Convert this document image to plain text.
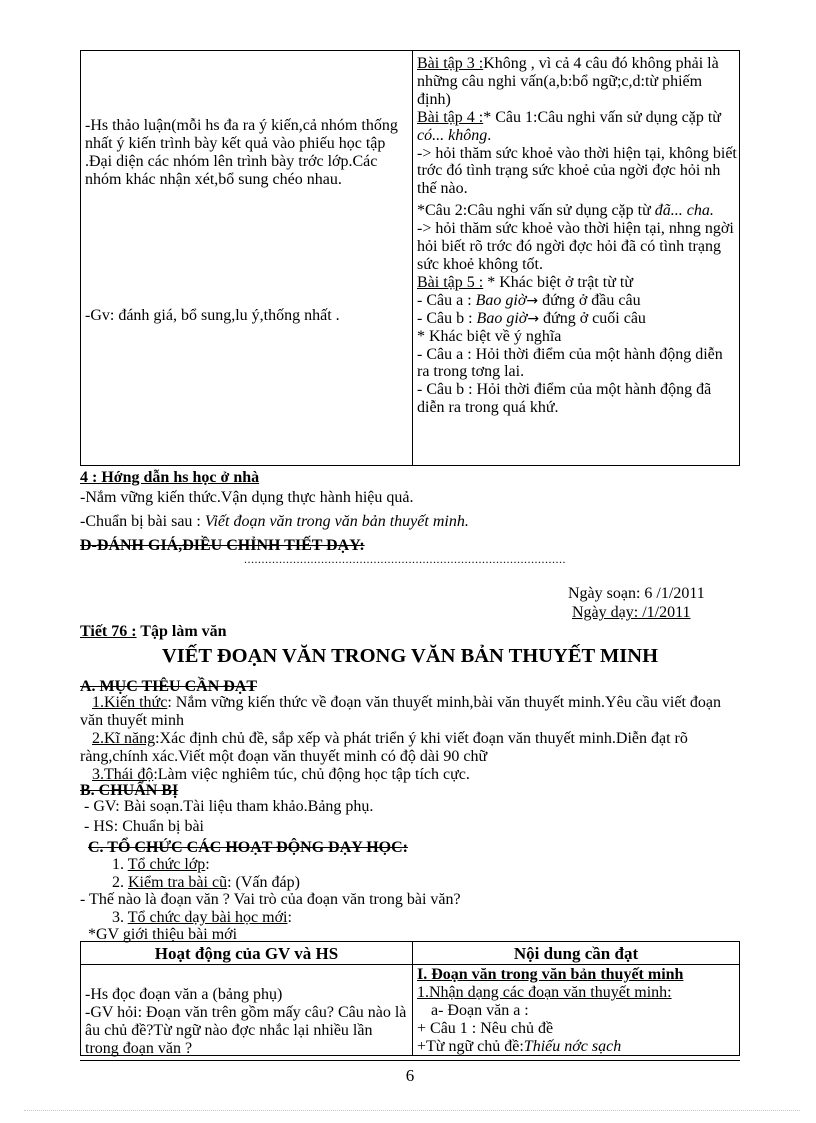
-Hs thảo luận(mỗi hs đa ra ý kiến,cả nhóm thống nhất ý kiến trình bày kết quả vào phiếu học tập .Đại diện các nhóm lên trình bày trớc lớp.Các nhóm khác nhận xét,bổ sung chéo nhau.
-Gv: đánh giá, bổ sung,lu ý,thống nhất .

Bài tập 3 :Không , vì cả 4 câu đó không phải là những câu nghi vấn(a,b:bổ ngữ;c,d:từ phiếm định)

Bài tập 4 :* Câu 1:Câu nghi vấn sử dụng cặp từ có... không.

-> hỏi thăm sức khoẻ vào thời hiện tại, không biết trớc đó tình trạng sức khoẻ của ngời đợc hỏi nh thế nào.

*Câu 2:Câu nghi vấn sử dụng cặp từ đã... cha.

-> hỏi thăm sức khoẻ vào thời hiện tại, nhng ngời hỏi biết rõ trớc đó ngời đợc hỏi đã có tình trạng sức khoẻ không tốt.

Bài tập 5 : * Khác biệt ở trật từ từ

- Câu a : Bao giờ→ đứng ở đầu câu

- Câu b : Bao giờ→ đứng ở cuối câu

* Khác biệt về ý nghĩa

- Câu a : Hỏi thời điểm của một hành động diễn ra trong tơng lai.

- Câu b : Hỏi thời điểm của một hành động đã diễn ra trong quá khứ.

4 : Hớng dẫn hs học ở nhà
-Nắm vững kiến thức.Vận dụng thực hành hiệu quả.
-Chuẩn bị bài sau : Viết đoạn văn trong văn bản thuyết minh.
D-ĐÁNH GIÁ,ĐIỀU CHỈNH TIẾT DẠY:
............................................................................................
Ngày soạn: 6 /1/2011
Ngày dạy: /1/2011
Tiết 76 : Tập làm văn
VIẾT ĐOẠN VĂN TRONG VĂN BẢN THUYẾT MINH
A. MỤC TIÊU CẦN ĐẠT
1.Kiến thức: Nắm vững kiến thức về đoạn văn thuyết minh,bài văn thuyết minh.Yêu cầu viết đoạn văn thuyết minh
2.Kĩ năng:Xác định chủ đề, sắp xếp và phát triển ý khi viết đoạn văn thuyết minh.Diễn đạt rõ ràng,chính xác.Viết một đoạn văn thuyết minh có độ dài 90 chữ
3.Thái độ:Làm việc nghiêm túc, chủ động học tập tích cực.
B. CHUẨN BỊ
- GV: Bài soạn.Tài liệu tham khảo.Bảng phụ.
- HS: Chuẩn bị bài
C. TỔ CHỨC CÁC HOẠT ĐỘNG DẠY HỌC:
1. Tổ chức lớp:
2. Kiểm tra bài cũ: (Vấn đáp)
- Thế nào là đoạn văn ? Vai trò của đoạn văn trong bài văn?
3. Tổ chức dạy bài học mới:
*GV giới thiệu bài mới
Hoạt động của GV và HS	Nội dung cần đạt
-Hs đọc đoạn văn a (bảng phụ)
-GV hỏi: Đoạn văn trên gồm mấy câu? Câu nào là âu chủ đề?Từ ngữ nào đợc nhắc lại nhiều lần trong đoạn văn ?
I. Đoạn văn trong văn bản thuyết minh
1.Nhận dạng các đoạn văn thuyết minh:
a- Đoạn văn a :
+ Câu 1 : Nêu chủ đề
+Từ ngữ chủ đề:Thiếu nớc sạch
6
